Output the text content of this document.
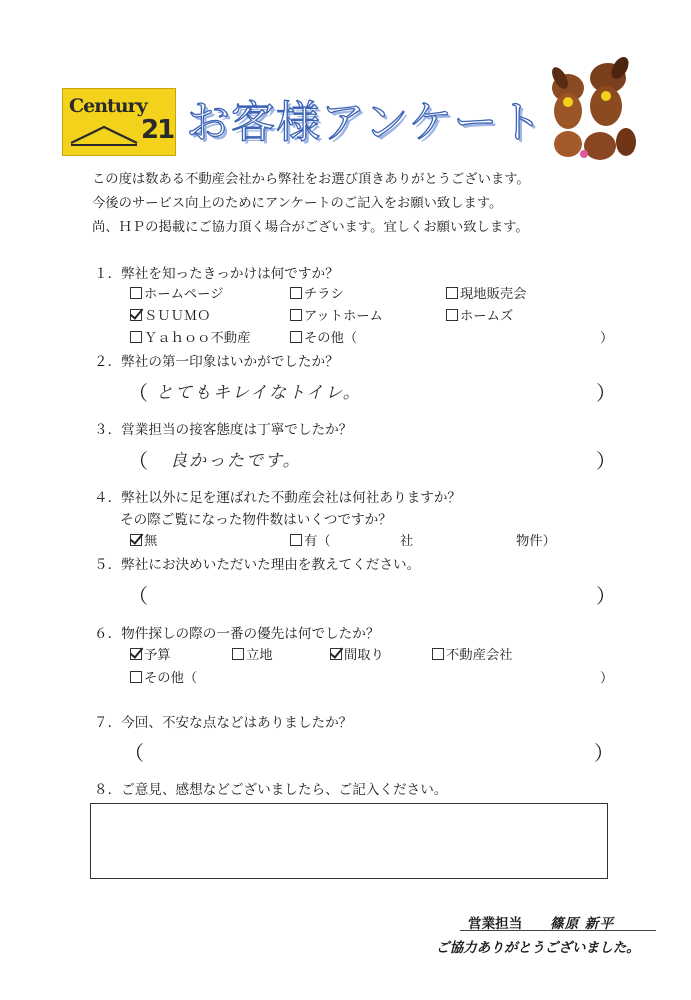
Century
21 お客様アンケート
この度は数ある不動産会社から弊社をお選び頂きありがとうございます。
今後のサービス向上のためにアンケートのご記入をお願い致します。
尚、ＨＰの掲載にご協力頂く場合がございます。宜しくお願い致します。
１．弊社を知ったきっかけは何ですか？
ホームページ	チラシ	現地販売会
ＳＵＵＭＯ	アットホーム	ホームズ
Ｙａｈｏｏ不動産	その他（	）
２．弊社の第一印象はいかがでしたか？
（ とてもキレイなトイレ。	）
３．営業担当の接客態度は丁寧でしたか？
（ 良かったです。	）
４．弊社以外に足を運ばれた不動産会社は何社ありますか？
その際ご覧になった物件数はいくつですか？
無	有（	社	物件）
５．弊社にお決めいただいた理由を教えてください。
（	）
６．物件探しの際の一番の優先は何でしたか？
予算	立地	間取り	不動産会社
その他（	）
７．今回、不安な点などはありましたか？
（	）
８．ご意見、感想などございましたら、ご記入ください。
営業担当 篠原 新平
ご協力ありがとうございました。
